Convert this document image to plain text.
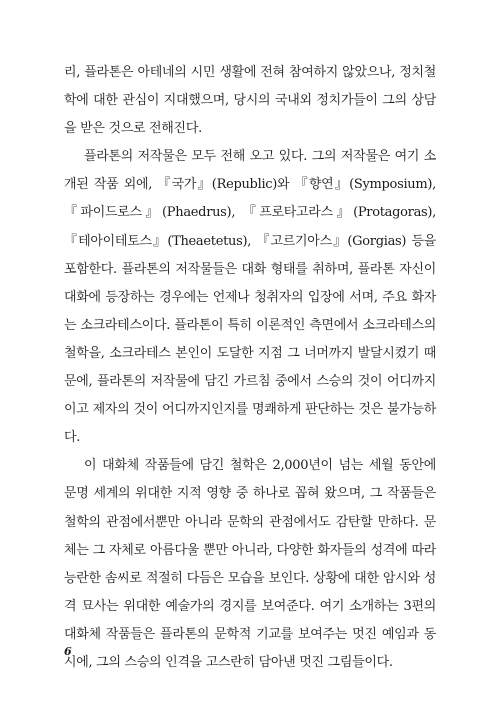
리, 플라톤은 아테네의 시민 생활에 전혀 참여하지 않았으나, 정치철학에 대한 관심이 지대했으며, 당시의 국내외 정치가들이 그의 상담을 받은 것으로 전해진다.

플라톤의 저작물은 모두 전해 오고 있다. 그의 저작물은 여기 소개된 작품 외에, 『국가』(Republic)와 『향연』(Symposium), 『파이드로스』(Phaedrus), 『프로타고라스』(Protagoras), 『테아이테토스』(Theaetetus), 『고르기아스』(Gorgias) 등을 포함한다. 플라톤의 저작물들은 대화 형태를 취하며, 플라톤 자신이 대화에 등장하는 경우에는 언제나 청취자의 입장에 서며, 주요 화자는 소크라테스이다. 플라톤이 특히 이론적인 측면에서 소크라테스의 철학을, 소크라테스 본인이 도달한 지점 그 너머까지 발달시켰기 때문에, 플라톤의 저작물에 담긴 가르침 중에서 스승의 것이 어디까지이고 제자의 것이 어디까지인지를 명쾌하게 판단하는 것은 불가능하다.

이 대화체 작품들에 담긴 철학은 2,000년이 넘는 세월 동안에 문명 세계의 위대한 지적 영향 중 하나로 꼽혀 왔으며, 그 작품들은 철학의 관점에서뿐만 아니라 문학의 관점에서도 감탄할 만하다. 문체는 그 자체로 아름다울 뿐만 아니라, 다양한 화자들의 성격에 따라 능란한 솜씨로 적절히 다듬은 모습을 보인다. 상황에 대한 암시와 성격 묘사는 위대한 예술가의 경지를 보여준다. 여기 소개하는 3편의 대화체 작품들은 플라톤의 문학적 기교를 보여주는 멋진 예임과 동시에, 그의 스승의 인격을 고스란히 담아낸 멋진 그림들이다.

6
